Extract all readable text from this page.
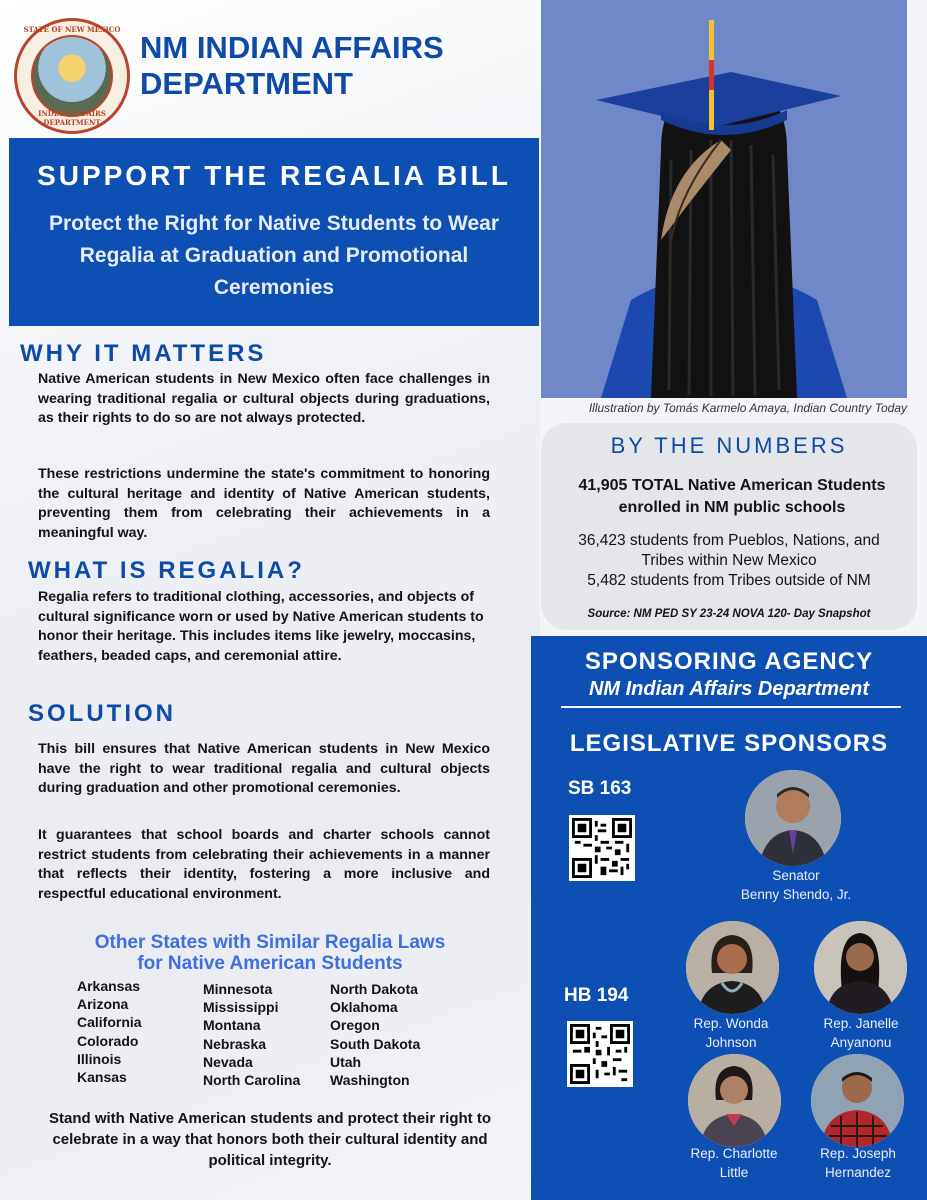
STATE OF NEW MEXICO
INDIAN AFFAIRS DEPARTMENT
NM INDIAN AFFAIRS
DEPARTMENT
SUPPORT THE REGALIA BILL
Protect the Right for Native Students to Wear Regalia at Graduation and Promotional Ceremonies
Illustration by Tomás Karmelo Amaya, Indian Country Today
WHY IT MATTERS
Native American students in New Mexico often face challenges in wearing traditional regalia or cultural objects during graduations, as their rights to do so are not always protected.
These restrictions undermine the state's commitment to honoring the cultural heritage and identity of Native American students, preventing them from celebrating their achievements in a meaningful way.
WHAT IS REGALIA?
Regalia refers to traditional clothing, accessories, and objects of cultural significance worn or used by Native American students to honor their heritage. This includes items like jewelry, moccasins, feathers, beaded caps, and ceremonial attire.
SOLUTION
This bill ensures that Native American students in New Mexico have the right to wear traditional regalia and cultural objects during graduation and other promotional ceremonies.
It guarantees that school boards and charter schools cannot restrict students from celebrating their achievements in a manner that reflects their identity, fostering a more inclusive and respectful educational environment.
Other States with Similar Regalia Laws
for Native American Students
Arkansas
Arizona
California
Colorado
Illinois
Kansas
Minnesota
Mississippi
Montana
Nebraska
Nevada
North Carolina
North Dakota
Oklahoma
Oregon
South Dakota
Utah
Washington
Stand with Native American students and protect their right to celebrate in a way that honors both their cultural identity and political integrity.
BY THE NUMBERS
41,905 TOTAL Native American Students
enrolled in NM public schools
36,423 students from Pueblos, Nations, and
Tribes within New Mexico
5,482 students from Tribes outside of NM
Source: NM PED SY 23-24 NOVA 120- Day Snapshot
SPONSORING AGENCY
NM Indian Affairs Department
LEGISLATIVE SPONSORS
SB 163
Senator
Benny Shendo, Jr.
HB 194
Rep. Wonda
Johnson
Rep. Janelle
Anyanonu
Rep. Charlotte
Little
Rep. Joseph
Hernandez
